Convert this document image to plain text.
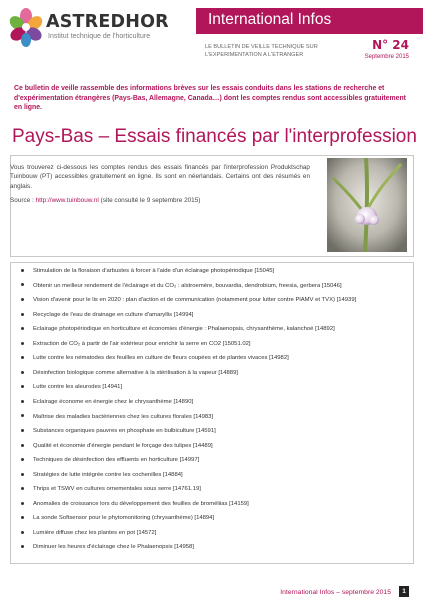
ASTREDHOR
Institut technique de l'horticulture
International Infos
LE BULLETIN DE VEILLE TECHNIQUE SUR L'EXPERIMENTATION A L'ETRANGER
N° 24
Septembre 2015
Ce bulletin de veille rassemble des informations brèves sur les essais conduits dans les stations de recherche et d'expérimentation étrangères (Pays-Bas, Allemagne, Canada…) dont les comptes rendus sont accessibles gratuitement en ligne.
Pays-Bas – Essais financés par l'interprofession

Vous trouverez ci-dessous les comptes rendus des essais financés par l'interprofession Produktschap Tuinbouw (PT) accessibles gratuitement en ligne. Ils sont en néerlandais. Certains ont des résumés en anglais.

Source : http://www.tuinbouw.nl (site consulté le 9 septembre 2015)

Stimulation de la floraison d'arbustes à forcer à l'aide d'un éclairage photopériodique [15045]
Obtenir un meilleur rendement de l'éclairage et du CO₂ : alstroemère, bouvardia, dendrobium, freesia, gerbera [15046]
Vision d'avenir pour le lis en 2020 : plan d'action et de communication (notamment pour lutter contre PlAMV et TVX) [14939]
Recyclage de l'eau de drainage en culture d'amaryllis [14994]
Eclairage photopériodique en horticulture et économies d'énergie : Phalaenopsis, chrysanthème, kalanchoë [14892]
Extraction de CO₂ à partir de l'air extérieur pour enrichir la serre en CO2 [15051.02]
Lutte contre les nématodes des feuilles en culture de fleurs coupées et de plantes vivaces [14982]
Désinfection biologique comme alternative à la stérilisation à la vapeur [14889]
Lutte contre les aleurodes [14941]
Eclairage économe en énergie chez le chrysanthème [14890]
Maîtrise des maladies bactériennes chez les cultures florales [14983]
Substances organiques pauvres en phosphate en bulbiculture [14591]
Qualité et économie d'énergie pendant le forçage des tulipes [14489]
Techniques de désinfection des effluents en horticulture [14997]
Stratégies de lutte intégrée contre les cochenilles [14884]
Thrips et TSWV en cultures ornementales sous serre [14761.19]
Anomalies de croissance lors du développement des feuilles de broméliias [14159]
La sonde Softsensor pour le phytomonitoring (chrysanthème) [14894]
Lumière diffuse chez les plantes en pot [14572]
Diminuer les heures d'éclairage chez le Phalaenopsis [14958]
International Infos – septembre 2015	1
